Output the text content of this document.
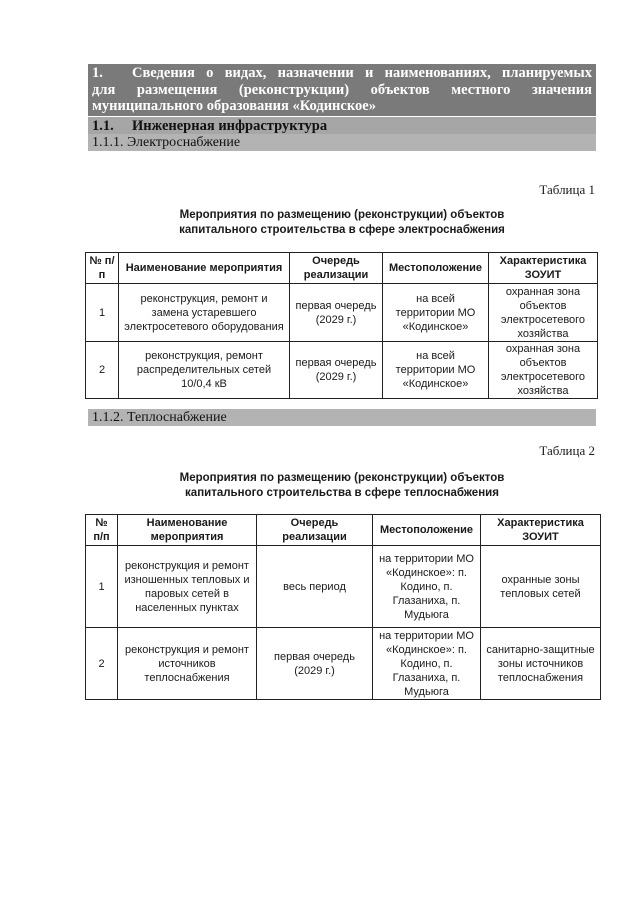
1. Сведения о видах, назначении и наименованиях, планируемых
для размещения (реконструкции) объектов местного значения
муниципального образования «Кодинское»
1.1. Инженерная инфраструктура
1.1.1. Электроснабжение
Таблица 1
Мероприятия по размещению (реконструкции) объектов
капитального строительства в сфере электроснабжения
№ п/п	Наименование мероприятия	Очередь реализации	Местоположение	Характеристика ЗОУИТ
1	реконструкция, ремонт и замена устаревшего электросетевого оборудования	первая очередь (2029 г.)	на всей территории МО «Кодинское»	охранная зона объектов электросетевого хозяйства
2	реконструкция, ремонт распределительных сетей 10/0,4 кВ	первая очередь (2029 г.)	на всей территории МО «Кодинское»	охранная зона объектов электросетевого хозяйства
1.1.2. Теплоснабжение
Таблица 2
Мероприятия по размещению (реконструкции) объектов
капитального строительства в сфере теплоснабжения
№ п/п	Наименование мероприятия	Очередь реализации	Местоположение	Характеристика ЗОУИТ
1	реконструкция и ремонт изношенных тепловых и паровых сетей в населенных пунктах	весь период	на территории МО «Кодинское»: п. Кодино, п. Глазаниха, п. Мудьюга	охранные зоны тепловых сетей
2	реконструкция и ремонт источников теплоснабжения	первая очередь (2029 г.)	на территории МО «Кодинское»: п. Кодино, п. Глазаниха, п. Мудьюга	санитарно-защитные зоны источников теплоснабжения
